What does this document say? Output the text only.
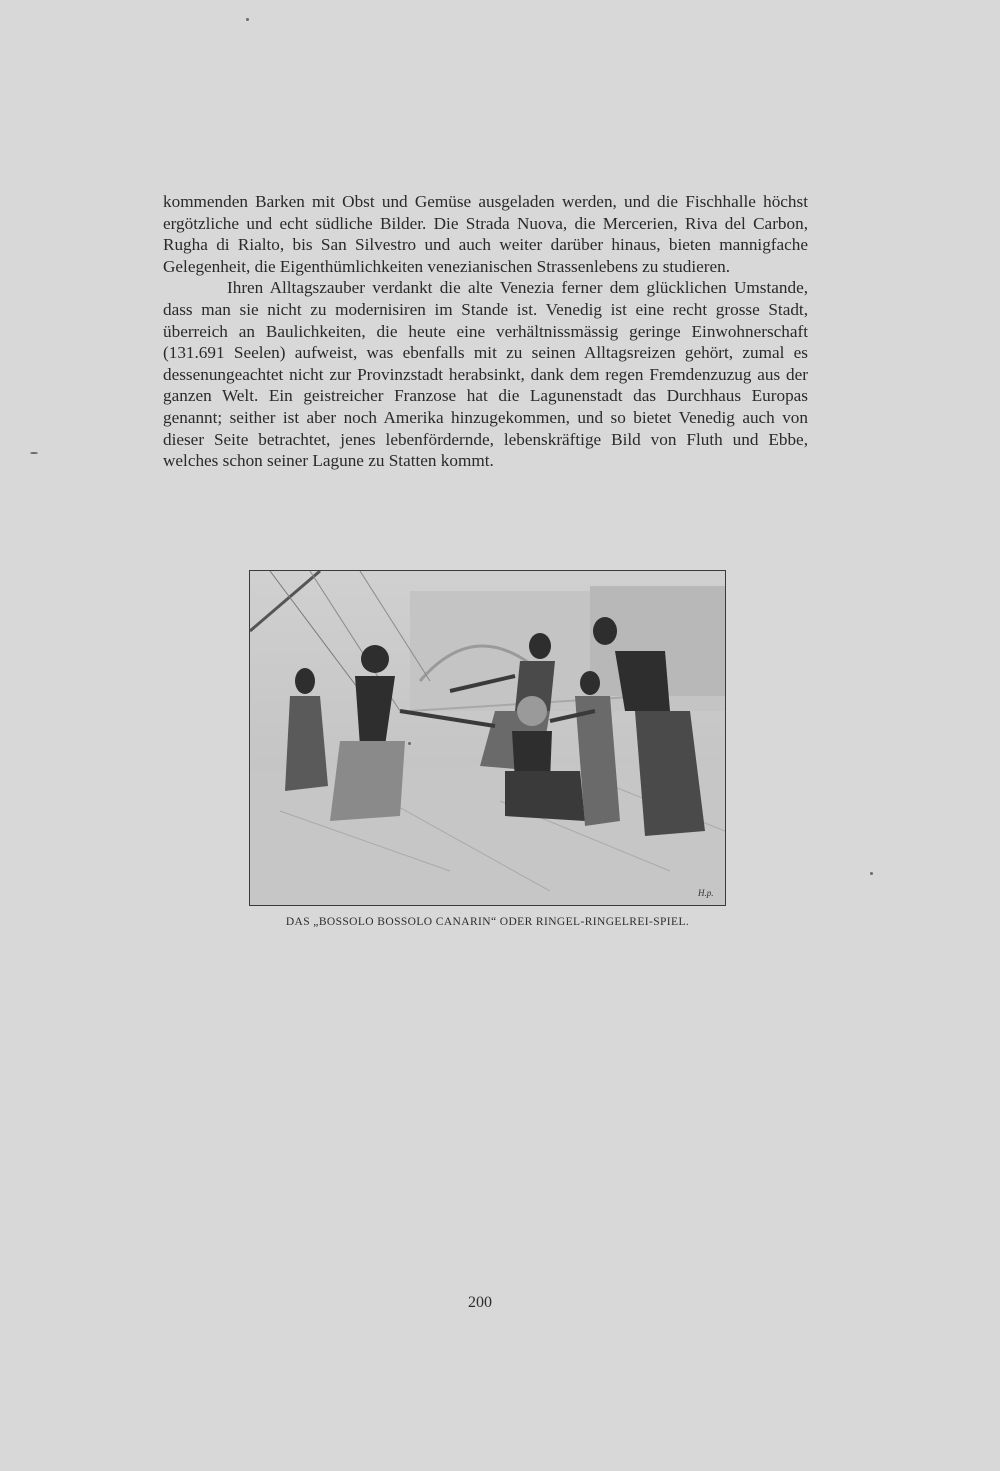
kommenden Barken mit Obst und Gemüse ausgeladen werden, und die Fischhalle höchst ergötzliche und echt südliche Bilder. Die Strada Nuova, die Mercerien, Riva del Carbon, Rugha di Rialto, bis San Silvestro und auch weiter darüber hinaus, bieten mannigfache Gelegenheit, die Eigenthümlichkeiten venezianischen Strassenlebens zu studieren.

Ihren Alltagszauber verdankt die alte Venezia ferner dem glücklichen Umstande, dass man sie nicht zu modernisiren im Stande ist. Venedig ist eine recht grosse Stadt, überreich an Baulichkeiten, die heute eine verhältnissmässig geringe Einwohnerschaft (131.691 Seelen) aufweist, was ebenfalls mit zu seinen Alltagsreizen gehört, zumal es dessenungeachtet nicht zur Provinzstadt herabsinkt, dank dem regen Fremdenzuzug aus der ganzen Welt. Ein geistreicher Franzose hat die Lagunenstadt das Durchhaus Europas genannt; seither ist aber noch Amerika hinzugekommen, und so bietet Venedig auch von dieser Seite betrachtet, jenes lebenfördernde, lebenskräftige Bild von Fluth und Ebbe, welches schon seiner Lagune zu Statten kommt.

H.p.
DAS „BOSSOLO BOSSOLO CANARIN“ ODER RINGEL-RINGELREI-SPIEL.
200
